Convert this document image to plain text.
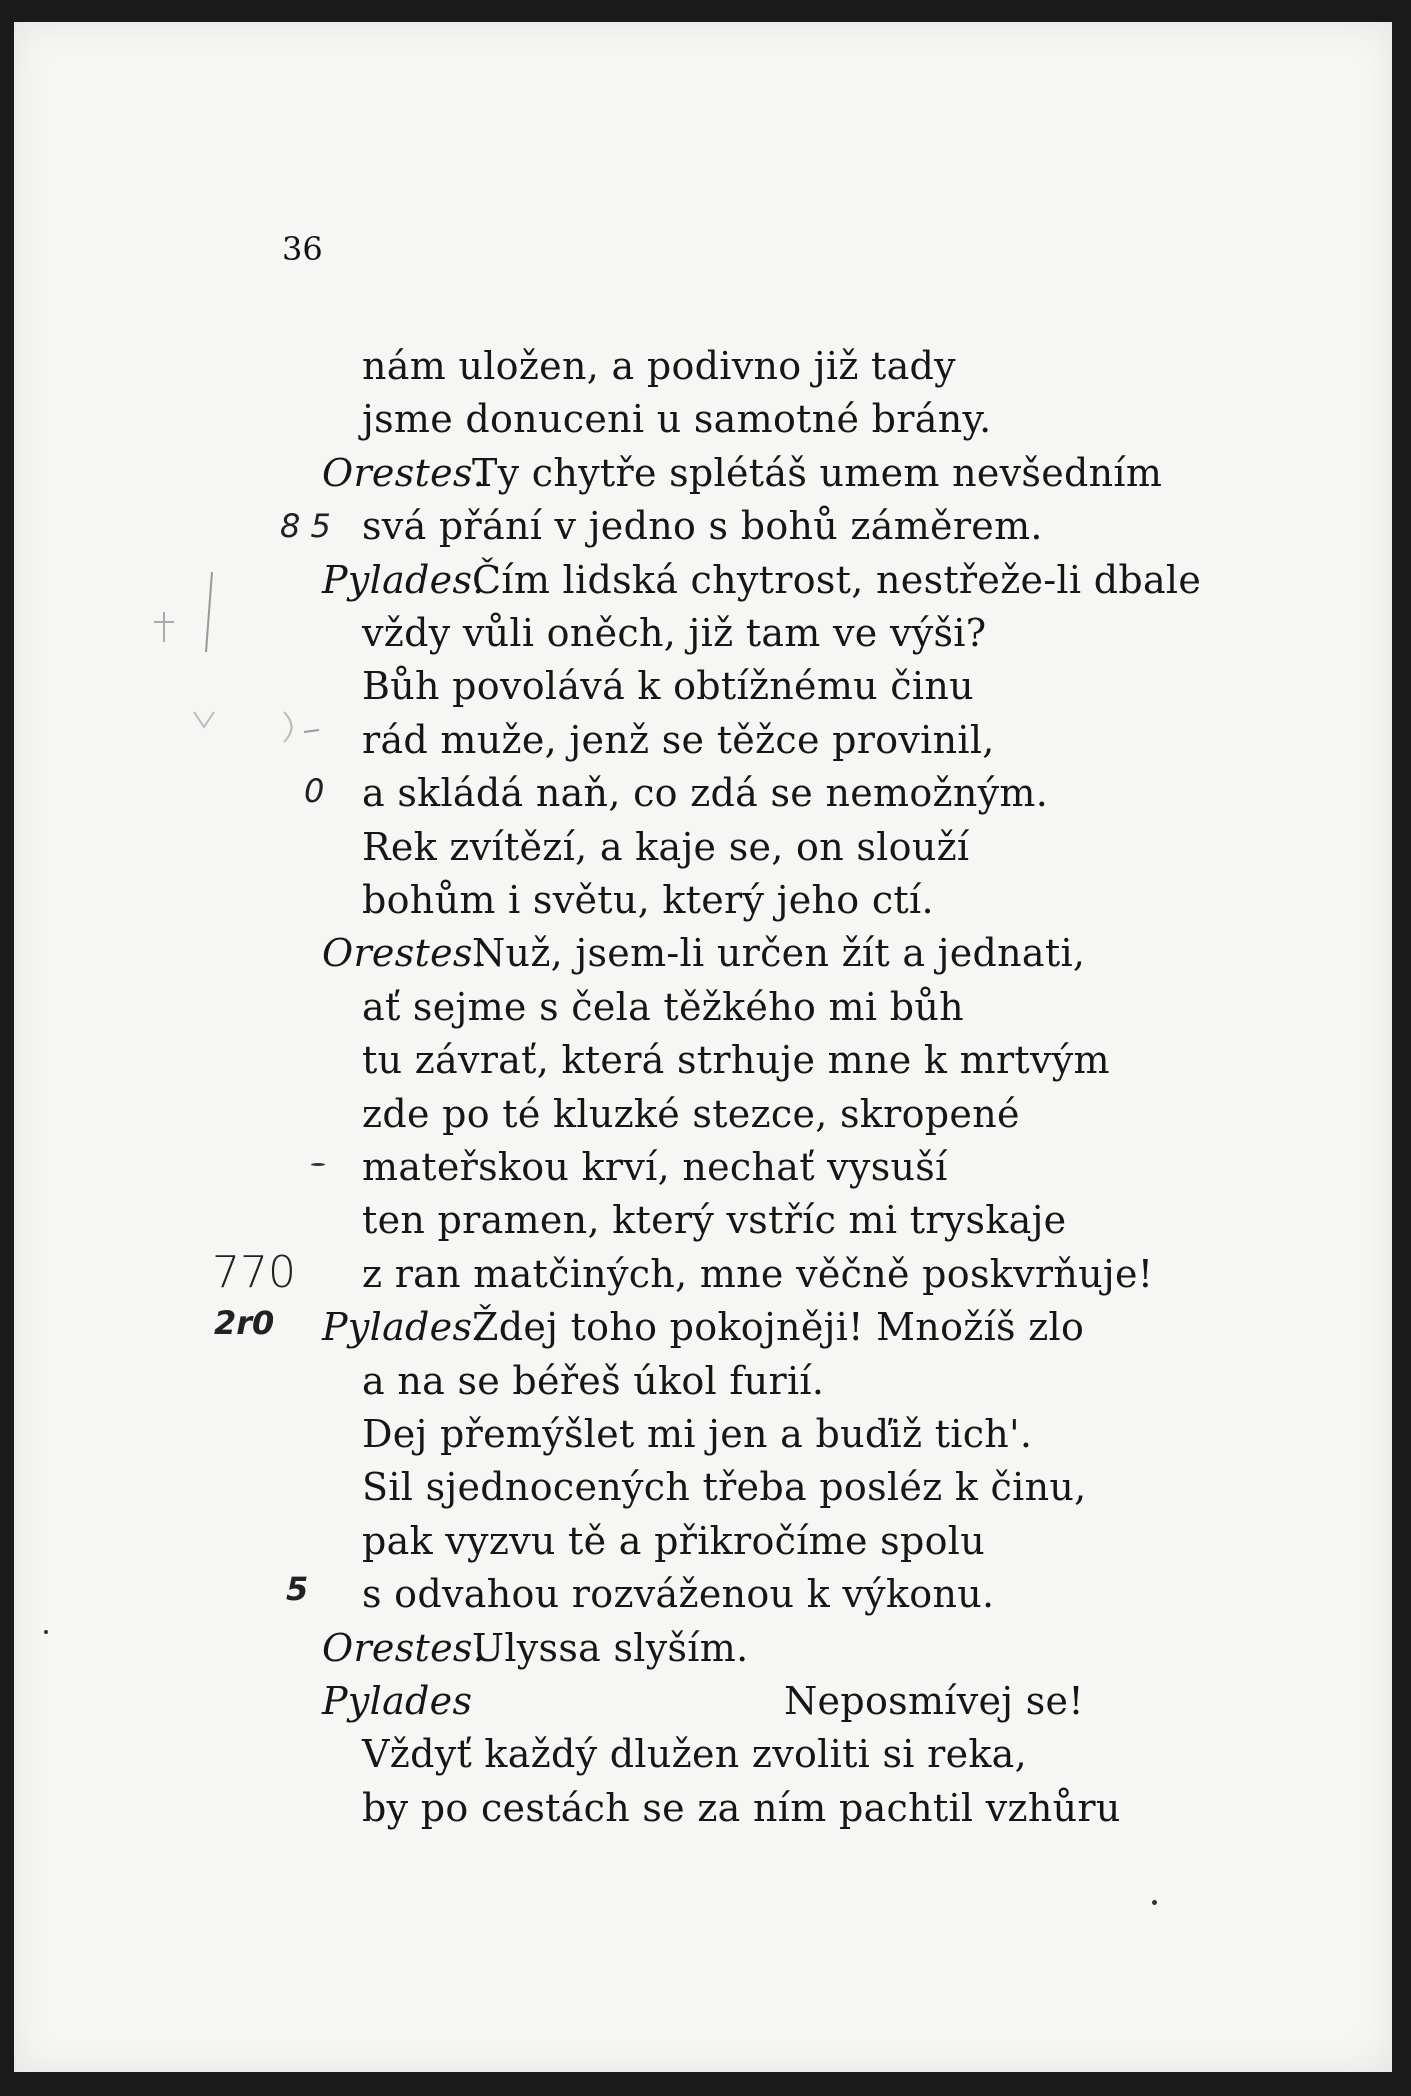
36
nám uložen, a podivno již tady
jsme donuceni u samotné brány.
Orestes.
Ty chytře splétáš umem nevšedním
svá přání v jedno s bohů záměrem.
Pylades.
Čím lidská chytrost, nestřeže-li dbale
vždy vůli oněch, již tam ve výši?
Bůh povolává k obtížnému činu
rád muže, jenž se těžce provinil,
a skládá naň, co zdá se nemožným.
Rek zvítězí, a kaje se, on slouží
bohům i světu, který jeho ctí.
Orestes.
Nuž, jsem-li určen žít a jednati,
ať sejme s čela těžkého mi bůh
tu závrať, která strhuje mne k mrtvým
zde po té kluzké stezce, skropené
mateřskou krví, nechať vysuší
ten pramen, který vstříc mi tryskaje
z ran matčiných, mne věčně poskvrňuje!
Pylades.
Ždej toho pokojněji! Množíš zlo
a na se béřeš úkol furií.
Dej přemýšlet mi jen a buďiž tich'.
Sil sjednocených třeba posléz k činu,
pak vyzvu tě a přikročíme spolu
s odvahou rozváženou k výkonu.
Orestes.
Ulyssa slyším.
Pylades	Neposmívej se!
Vždyť každý dlužen zvoliti si reka,
by po cestách se za ním pachtil vzhůru
8 5
0
770
2r0
5
